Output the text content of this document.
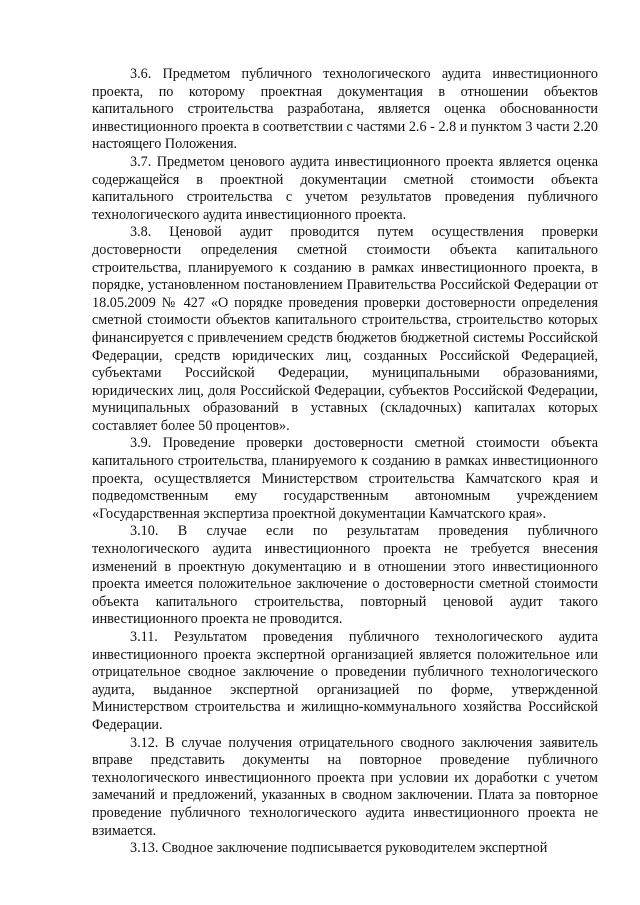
3.6. Предметом публичного технологического аудита инвестиционного проекта, по которому проектная документация в отношении объектов капитального строительства разработана, является оценка обоснованности инвестиционного проекта в соответствии с частями 2.6 - 2.8 и пунктом 3 части 2.20 настоящего Положения.

3.7. Предметом ценового аудита инвестиционного проекта является оценка содержащейся в проектной документации сметной стоимости объекта капитального строительства с учетом результатов проведения публичного технологического аудита инвестиционного проекта.

3.8. Ценовой аудит проводится путем осуществления проверки достоверности определения сметной стоимости объекта капитального строительства, планируемого к созданию в рамках инвестиционного проекта, в порядке, установленном постановлением Правительства Российской Федерации от 18.05.2009 № 427 «О порядке проведения проверки достоверности определения сметной стоимости объектов капитального строительства, строительство которых финансируется с привлечением средств бюджетов бюджетной системы Российской Федерации, средств юридических лиц, созданных Российской Федерацией, субъектами Российской Федерации, муниципальными образованиями, юридических лиц, доля Российской Федерации, субъектов Российской Федерации, муниципальных образований в уставных (складочных) капиталах которых составляет более 50 процентов».

3.9. Проведение проверки достоверности сметной стоимости объекта капитального строительства, планируемого к созданию в рамках инвестиционного проекта, осуществляется Министерством строительства Камчатского края и подведомственным ему государственным автономным учреждением «Государственная экспертиза проектной документации Камчатского края».

3.10. В случае если по результатам проведения публичного технологического аудита инвестиционного проекта не требуется внесения изменений в проектную документацию и в отношении этого инвестиционного проекта имеется положительное заключение о достоверности сметной стоимости объекта капитального строительства, повторный ценовой аудит такого инвестиционного проекта не проводится.

3.11. Результатом проведения публичного технологического аудита инвестиционного проекта экспертной организацией является положительное или отрицательное сводное заключение о проведении публичного технологического аудита, выданное экспертной организацией по форме, утвержденной Министерством строительства и жилищно-коммунального хозяйства Российской Федерации.

3.12. В случае получения отрицательного сводного заключения заявитель вправе представить документы на повторное проведение публичного технологического инвестиционного проекта при условии их доработки с учетом замечаний и предложений, указанных в сводном заключении. Плата за повторное проведение публичного технологического аудита инвестиционного проекта не взимается.

3.13. Сводное заключение подписывается руководителем экспертной
